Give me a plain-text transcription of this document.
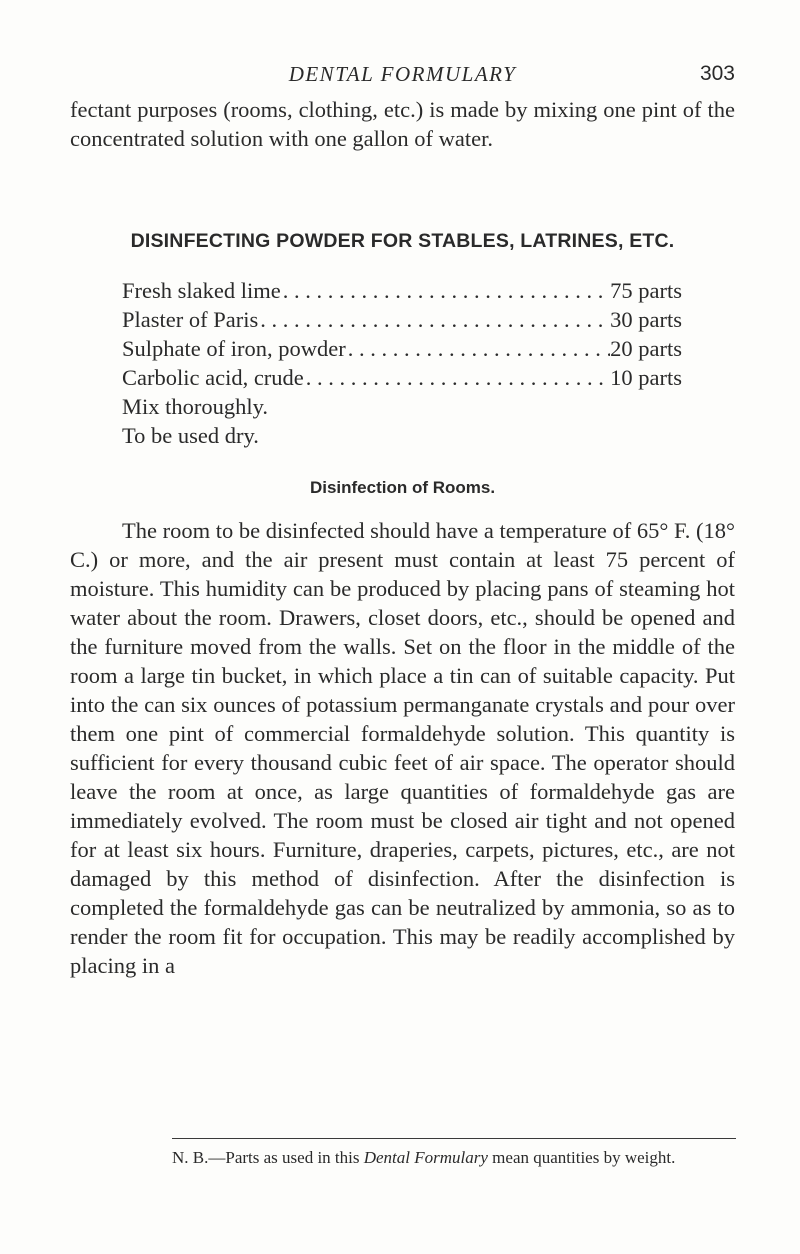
DENTAL FORMULARY	303

fectant purposes (rooms, clothing, etc.) is made by mixing one pint of the concentrated solution with one gallon of water.

DISINFECTING POWDER FOR STABLES, LATRINES, ETC.
Fresh slaked lime . . .	75 parts
Plaster of Paris . . .	30 parts
Sulphate of iron, powder . . .	20 parts
Carbolic acid, crude . . .	10 parts
Mix thoroughly.
To be used dry.
Disinfection of Rooms.

The room to be disinfected should have a temperature of 65° F. (18° C.) or more, and the air present must contain at least 75 percent of moisture. This humidity can be produced by placing pans of steaming hot water about the room. Drawers, closet doors, etc., should be opened and the furniture moved from the walls. Set on the floor in the middle of the room a large tin bucket, in which place a tin can of suitable capacity. Put into the can six ounces of potassium permanganate crystals and pour over them one pint of commercial formaldehyde solution. This quantity is sufficient for every thousand cubic feet of air space. The operator should leave the room at once, as large quantities of formaldehyde gas are immediately evolved. The room must be closed air tight and not opened for at least six hours. Furniture, draperies, carpets, pictures, etc., are not damaged by this method of disinfection. After the disinfection is completed the formaldehyde gas can be neutralized by ammonia, so as to render the room fit for occupation. This may be readily accomplished by placing in a

N. B.—Parts as used in this Dental Formulary mean quantities by weight.
